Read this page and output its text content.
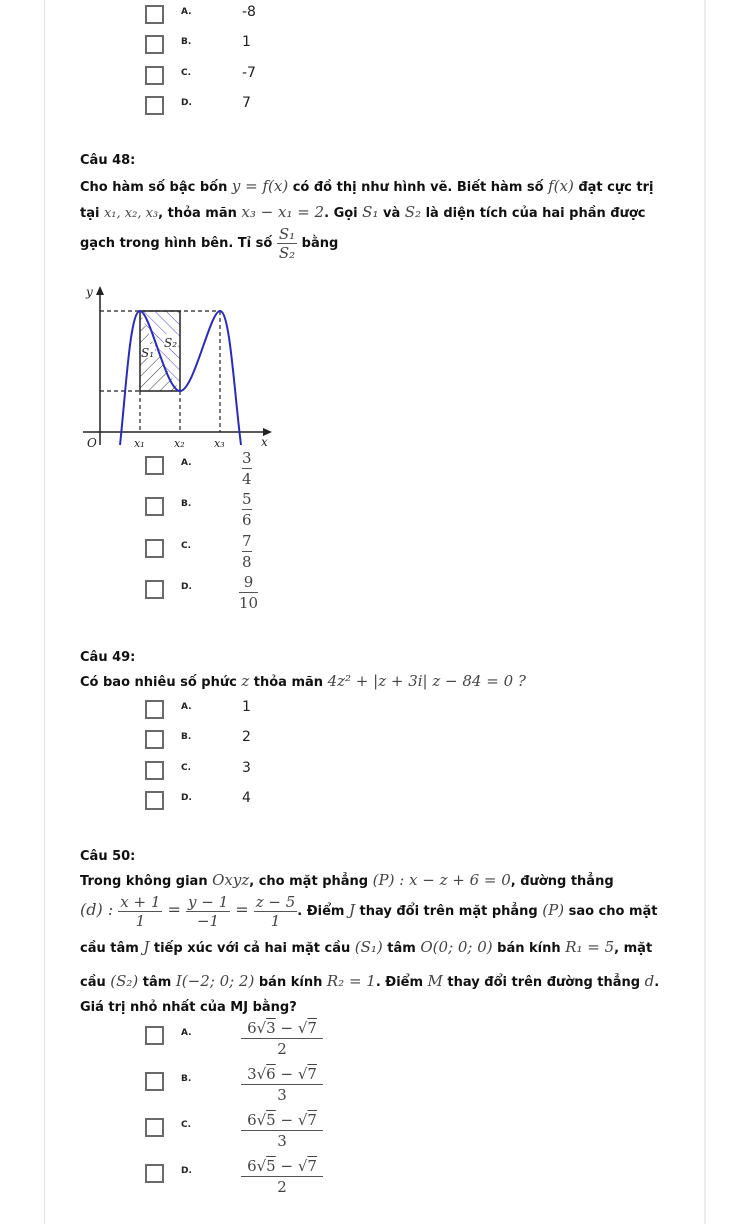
A.	-8
B.	1
C.	-7
D.	7
Câu 48:
Cho hàm số bậc bốn y = f(x) có đồ thị như hình vẽ. Biết hàm số f(x) đạt cực trị
tại x₁, x₂, x₃, thỏa mãn x₃ − x₁ = 2. Gọi S₁ và S₂ là diện tích của hai phần được
gạch trong hình bên. Tỉ số $\frac{\text{S₁}}{\text{S₂}}$ bằng
y
x
O	x₁	x₂	x₃
S₁
S₂
A.	$\frac{3}{4}$
B.	$\frac{5}{6}$
C.	$\frac{7}{8}$
D.	$\frac{9}{10}$
Câu 49:
Có bao nhiêu số phức z thỏa mãn 4z² + |z + 3i| z − 84 = 0 ?
A.	1
B.	2
C.	3
D.	4
Câu 50:
Trong không gian Oxyz, cho mặt phẳng (P) : x − z + 6 = 0, đường thẳng
(d) : $\frac{x + 1}{1} = \frac{y - 1}{-1} = \frac{z - 5}{1}$ . Điểm J thay đổi trên mặt phẳng (P) sao cho mặt
cầu tâm J tiếp xúc với cả hai mặt cầu (S₁) tâm O(0; 0; 0) bán kính R₁ = 5, mặt
cầu (S₂) tâm I(−2; 0; 2) bán kính R₂ = 1. Điểm M thay đổi trên đường thẳng d.
Giá trị nhỏ nhất của MJ bằng?
A.	$\frac{6√3 - √7}{2}$
B.	$\frac{3√6 - √7}{3}$
C.	$\frac{6√5 - √7}{3}$
D.	$\frac{6√5 - √7}{2}$
